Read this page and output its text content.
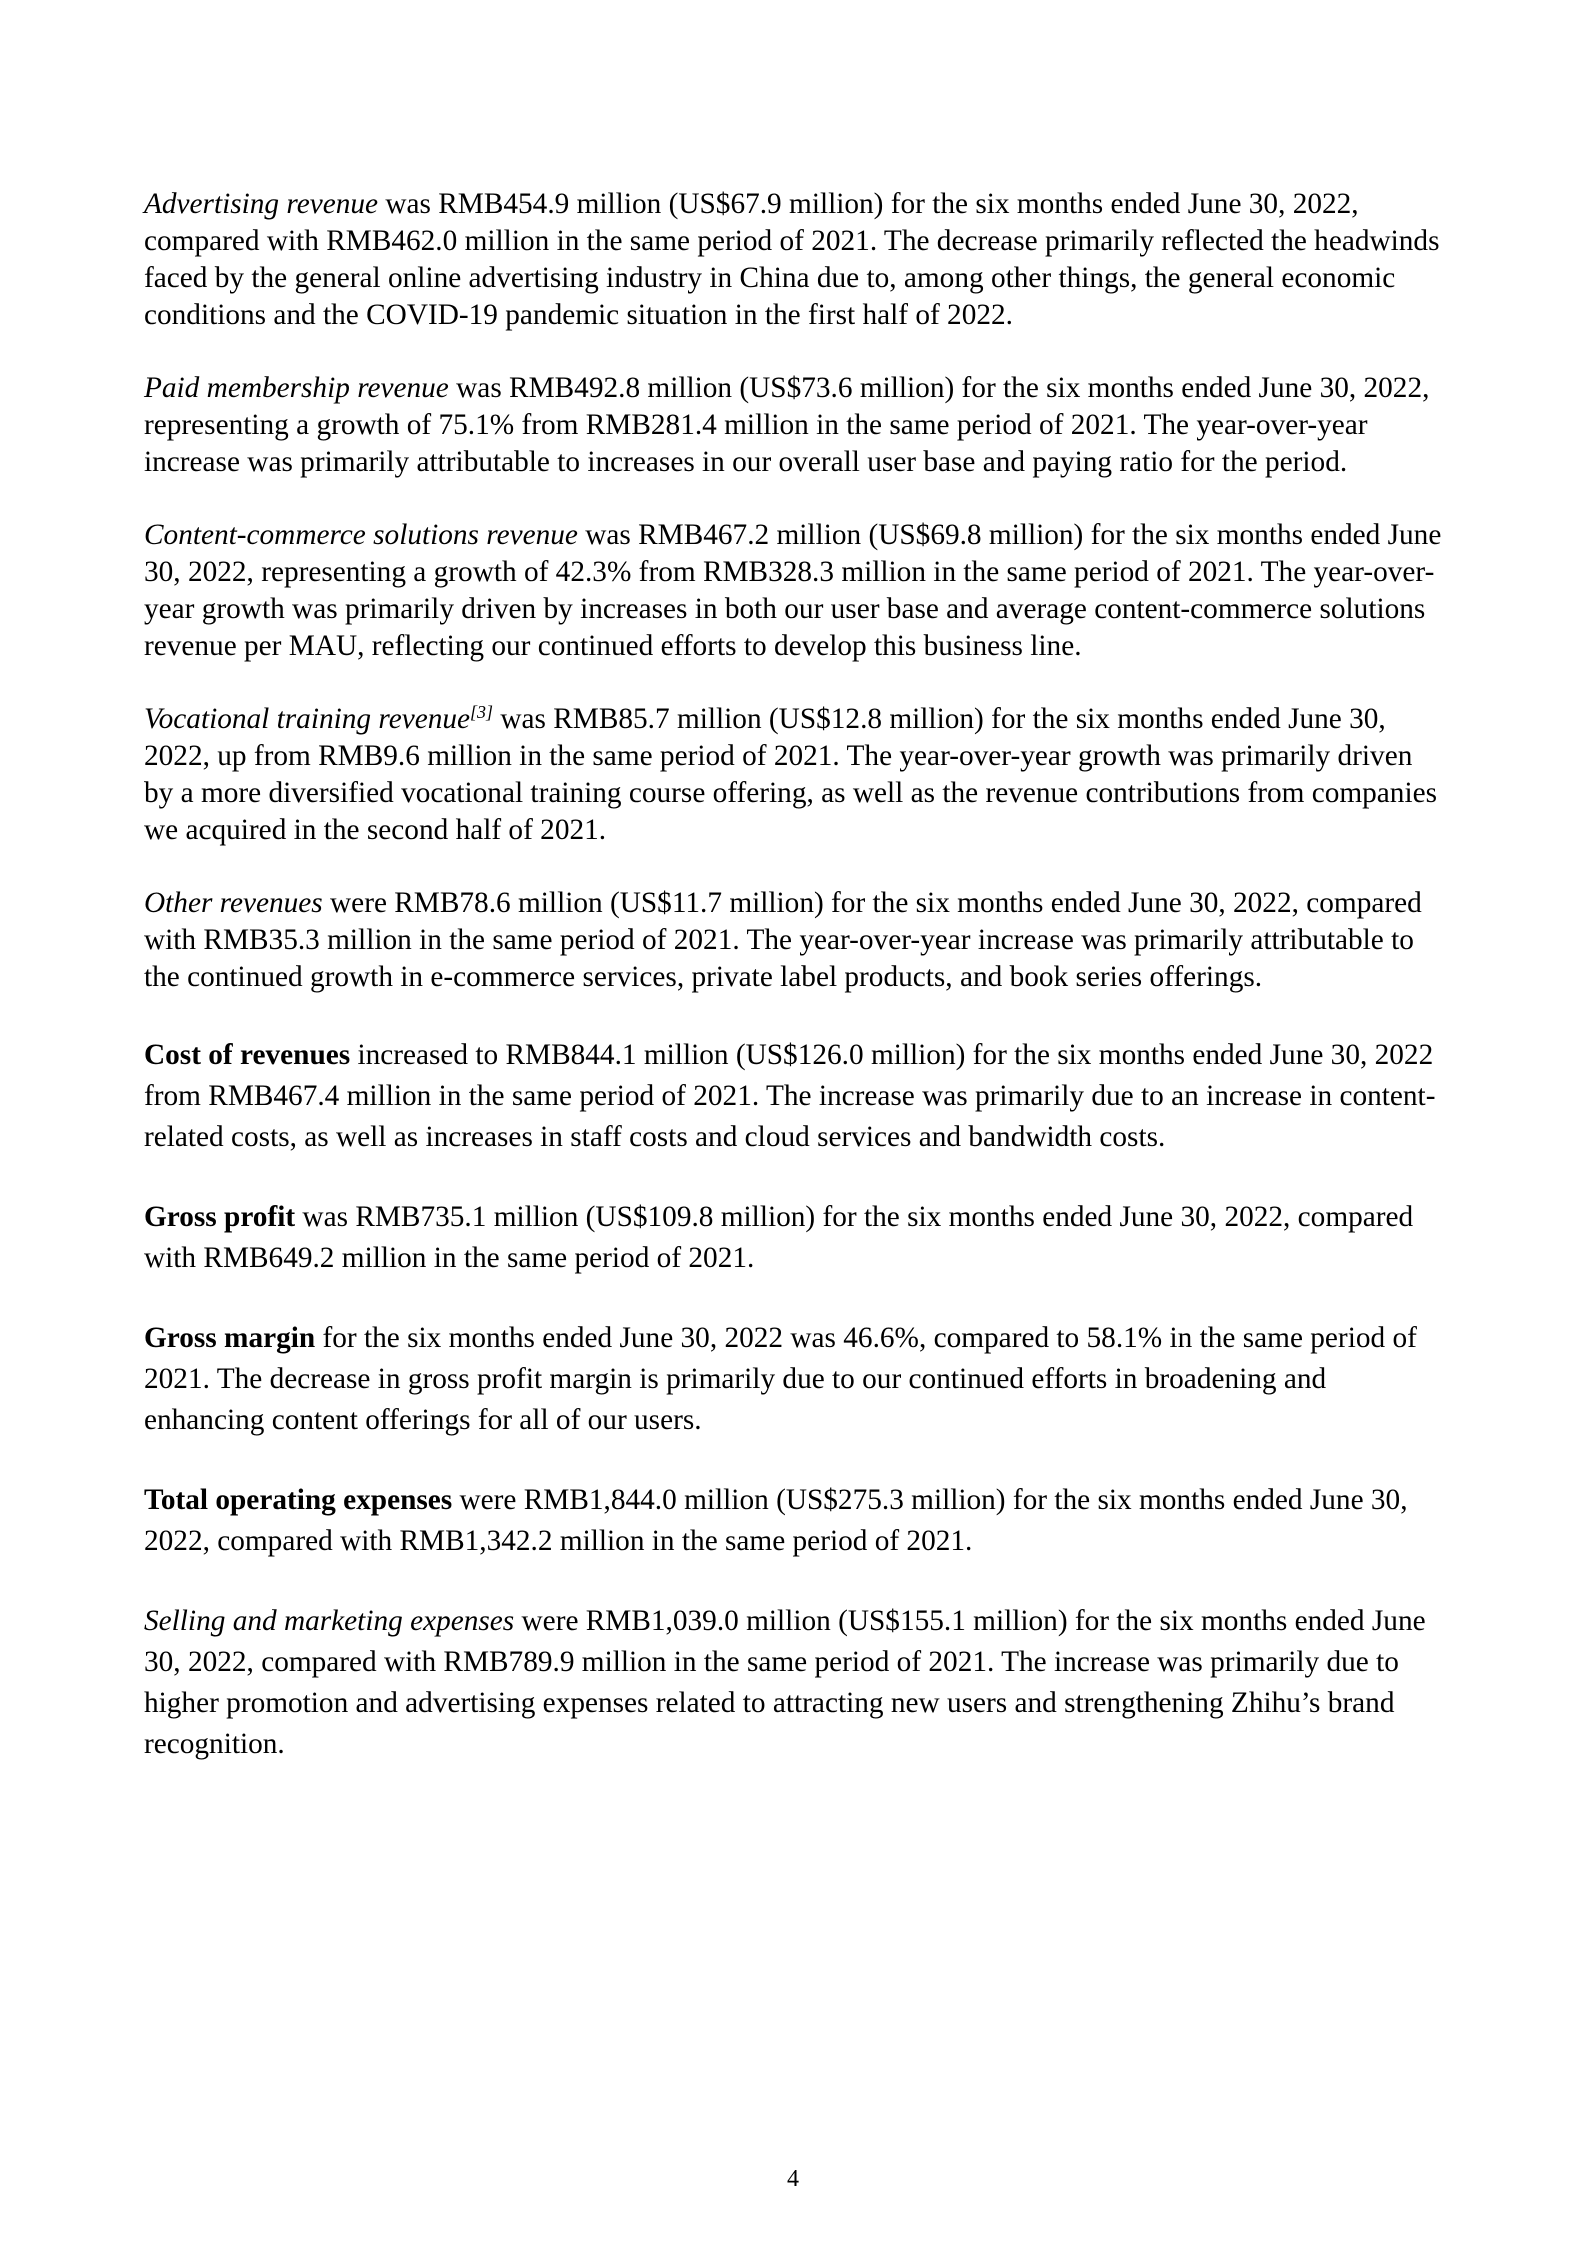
Advertising revenue was RMB454.9 million (US$67.9 million) for the six months ended June 30, 2022, compared with RMB462.0 million in the same period of 2021. The decrease primarily reflected the headwinds faced by the general online advertising industry in China due to, among other things, the general economic conditions and the COVID-19 pandemic situation in the first half of 2022.

Paid membership revenue was RMB492.8 million (US$73.6 million) for the six months ended June 30, 2022, representing a growth of 75.1% from RMB281.4 million in the same period of 2021. The year-over-year increase was primarily attributable to increases in our overall user base and paying ratio for the period.

Content-commerce solutions revenue was RMB467.2 million (US$69.8 million) for the six months ended June 30, 2022, representing a growth of 42.3% from RMB328.3 million in the same period of 2021. The year-over-year growth was primarily driven by increases in both our user base and average content-commerce solutions revenue per MAU, reflecting our continued efforts to develop this business line.

Vocational training revenue[3] was RMB85.7 million (US$12.8 million) for the six months ended June 30, 2022, up from RMB9.6 million in the same period of 2021. The year-over-year growth was primarily driven by a more diversified vocational training course offering, as well as the revenue contributions from companies we acquired in the second half of 2021.

Other revenues were RMB78.6 million (US$11.7 million) for the six months ended June 30, 2022, compared with RMB35.3 million in the same period of 2021. The year-over-year increase was primarily attributable to the continued growth in e-commerce services, private label products, and book series offerings.

Cost of revenues increased to RMB844.1 million (US$126.0 million) for the six months ended June 30, 2022 from RMB467.4 million in the same period of 2021. The increase was primarily due to an increase in content-related costs, as well as increases in staff costs and cloud services and bandwidth costs.

Gross profit was RMB735.1 million (US$109.8 million) for the six months ended June 30, 2022, compared with RMB649.2 million in the same period of 2021.

Gross margin for the six months ended June 30, 2022 was 46.6%, compared to 58.1% in the same period of 2021. The decrease in gross profit margin is primarily due to our continued efforts in broadening and enhancing content offerings for all of our users.

Total operating expenses were RMB1,844.0 million (US$275.3 million) for the six months ended June 30, 2022, compared with RMB1,342.2 million in the same period of 2021.

Selling and marketing expenses were RMB1,039.0 million (US$155.1 million) for the six months ended June 30, 2022, compared with RMB789.9 million in the same period of 2021. The increase was primarily due to higher promotion and advertising expenses related to attracting new users and strengthening Zhihu’s brand recognition.

4
